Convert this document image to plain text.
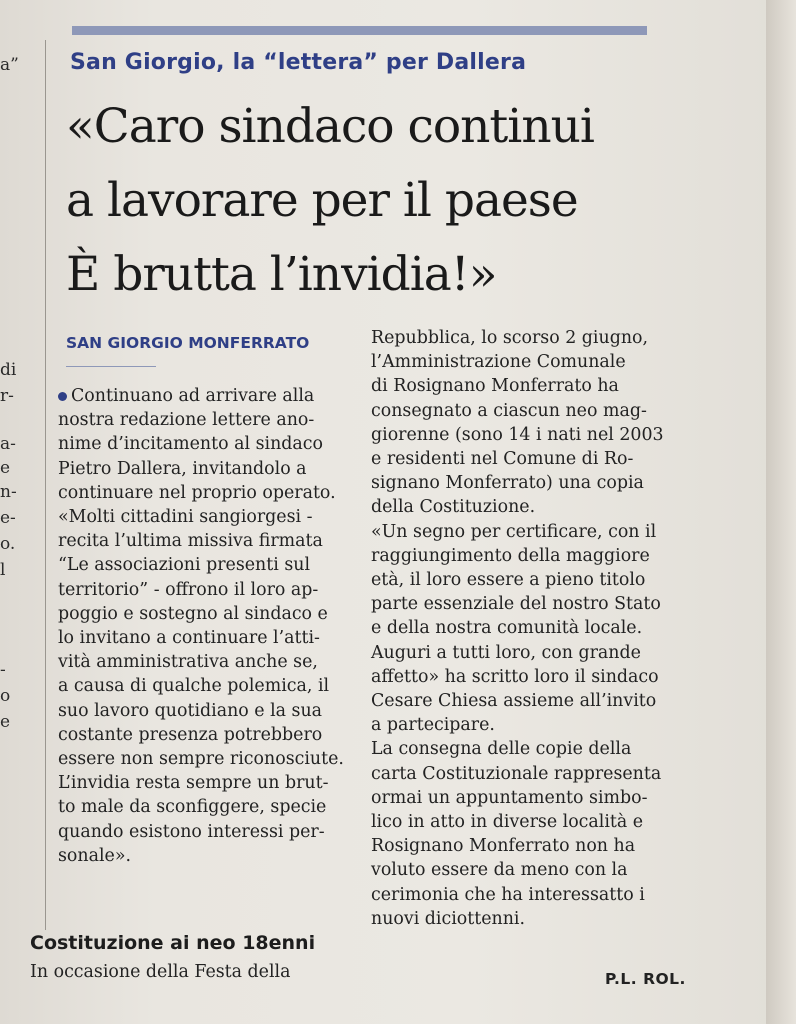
a”
di
r-
a-
e
n-
e-
o.
l
-
o
e
San Giorgio, la “lettera” per Dallera
«Caro sindaco continui
a lavorare per il paese
È brutta l’invidia!»
SAN GIORGIO MONFERRATO
Continuano ad arrivare alla
nostra redazione lettere ano-
nime d’incitamento al sindaco
Pietro Dallera, invitandolo a
continuare nel proprio operato.
«Molti cittadini sangiorgesi -
recita l’ultima missiva firmata
“Le associazioni presenti sul
territorio” - offrono il loro ap-
poggio e sostegno al sindaco e
lo invitano a continuare l’atti-
vità amministrativa anche se,
a causa di qualche polemica, il
suo lavoro quotidiano e la sua
costante presenza potrebbero
essere non sempre riconosciute.
L’invidia resta sempre un brut-
to male da sconfiggere, specie
quando esistono interessi per-
sonale».
Costituzione ai neo 18enni
In occasione della Festa della
Repubblica, lo scorso 2 giugno,
l’Amministrazione Comunale
di Rosignano Monferrato ha
consegnato a ciascun neo mag-
giorenne (sono 14 i nati nel 2003
e residenti nel Comune di Ro-
signano Monferrato) una copia
della Costituzione.
«Un segno per certificare, con il
raggiungimento della maggiore
età, il loro essere a pieno titolo
parte essenziale del nostro Stato
e della nostra comunità locale.
Auguri a tutti loro, con grande
affetto» ha scritto loro il sindaco
Cesare Chiesa assieme all’invito
a partecipare.
La consegna delle copie della
carta Costituzionale rappresenta
ormai un appuntamento simbo-
lico in atto in diverse località e
Rosignano Monferrato non ha
voluto essere da meno con la
cerimonia che ha interessatto i
nuovi diciottenni.
P.L. ROL.
